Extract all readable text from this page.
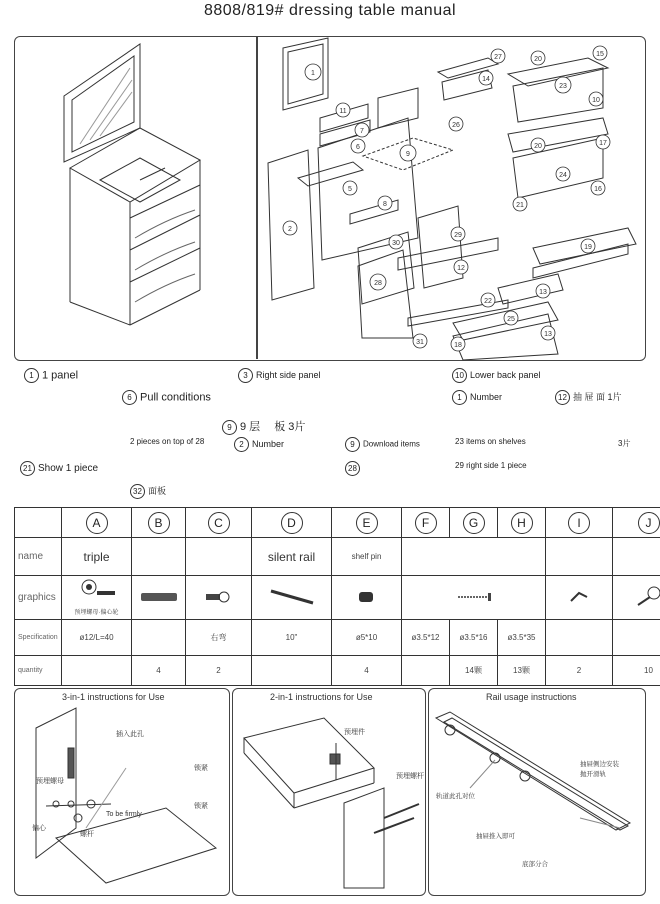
8808/819# dressing table manual
1
11
7
6
9
5
8
2
30
29
28
12
31	18
22
25
13
13
19
26
14
27	20
15
23
10
20	17
24
16
21
1 1 panel
6 Pull conditions
3 Right side panel
9 9 层 　板 3片
10 Lower back panel
1 Number
2 Number	9 Download items	23 items on shelves
29 right side 1 piece
21 Show 1 piece
2 pieces on top of 28
12 抽 屉 面 1片
3片
28
32 面板
	A	B	C	D	E	F	G	H	I	J
name	triple			silent rail	shelf pin					
graphics	预埋螺母·偏心轮

Specification	ø12/L=40		右弯	10"	ø5*10	ø3.5*12	ø3.5*16	ø3.5*35		
quantity		4	2		4		14颗	13颗	2	10
3-in-1 instructions for Use
预埋螺母
偏心
螺杆
插入此孔
锁紧
锁紧
To be firmly
2-in-1 instructions for Use
预埋件
预埋螺杆
Rail usage instructions
轨道此孔对位
抽屉侧边安装
抛开滑轨
抽屉推入即可
底部分合
